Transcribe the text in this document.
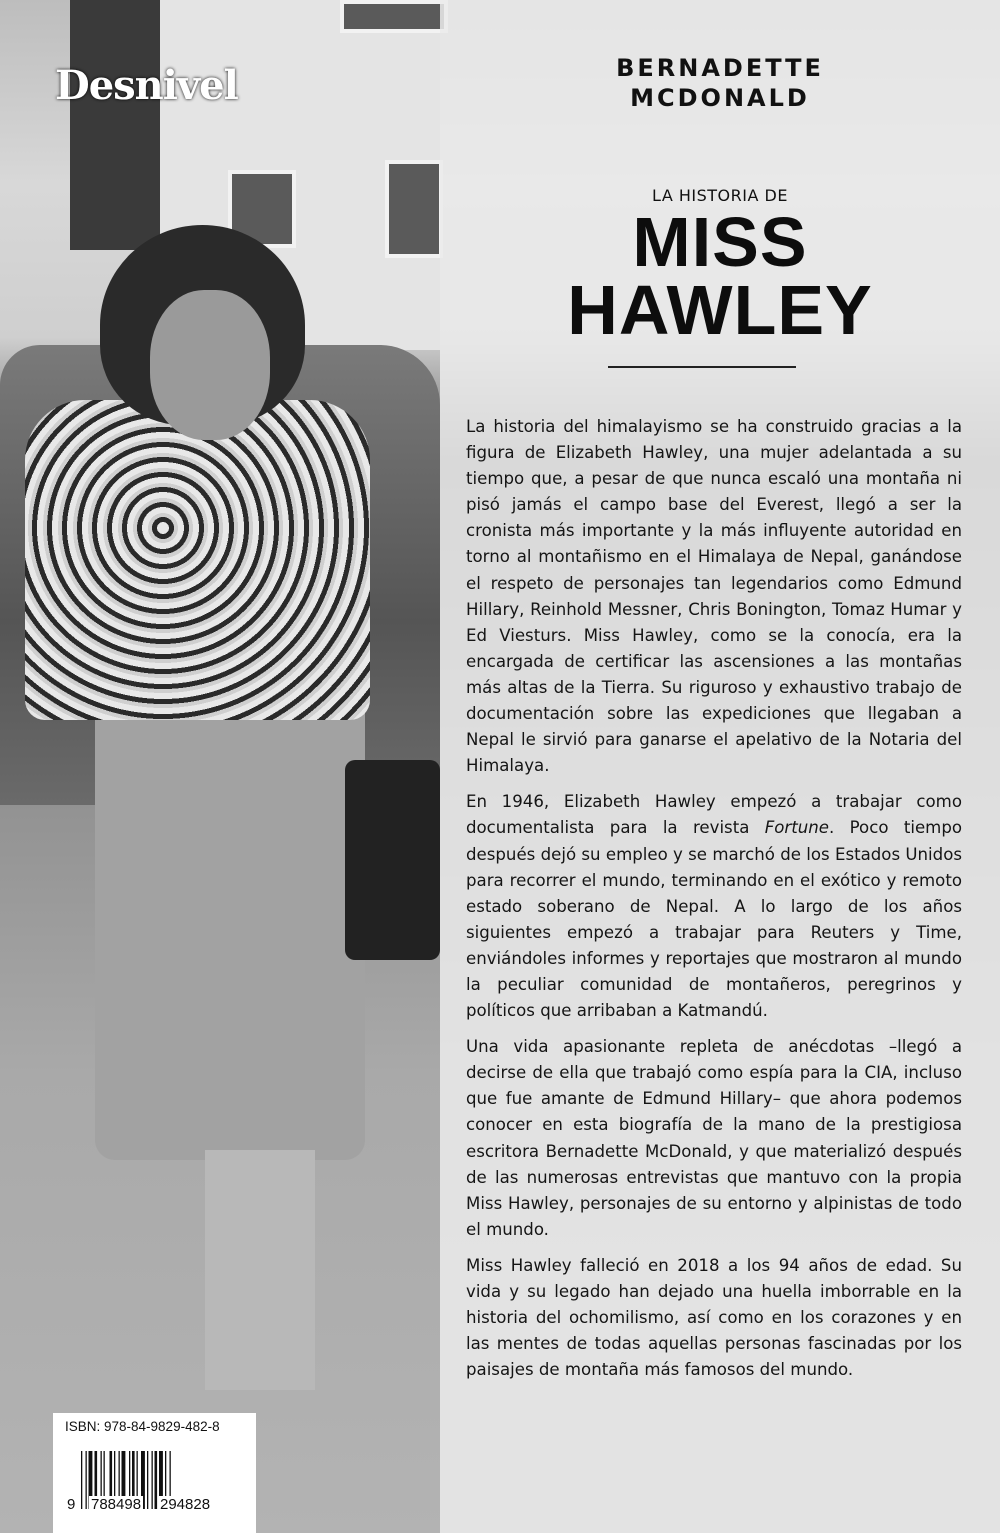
Desnivel	BERNADETTE
MCDONALD
LA HISTORIA DE
MISS
HAWLEY

La historia del himalayismo se ha construido gracias a la figura de Elizabeth Hawley, una mujer adelantada a su tiempo que, a pesar de que nunca escaló una montaña ni pisó jamás el campo base del Everest, llegó a ser la cronista más importante y la más influyente autoridad en torno al montañismo en el Himalaya de Nepal, ganándose el respeto de personajes tan legendarios como Edmund Hillary, Reinhold Messner, Chris Bonington, Tomaz Humar y Ed Viesturs. Miss Hawley, como se la conocía, era la encargada de certificar las ascensiones a las montañas más altas de la Tierra. Su riguroso y exhaustivo trabajo de documentación sobre las expediciones que llegaban a Nepal le sirvió para ganarse el apelativo de la Notaria del Himalaya.

En 1946, Elizabeth Hawley empezó a trabajar como documentalista para la revista Fortune. Poco tiempo después dejó su empleo y se marchó de los Estados Unidos para recorrer el mundo, terminando en el exótico y remoto estado soberano de Nepal. A lo largo de los años siguientes empezó a trabajar para Reuters y Time, enviándoles informes y reportajes que mostraron al mundo la peculiar comunidad de montañeros, peregrinos y políticos que arribaban a Katmandú.

Una vida apasionante repleta de anécdotas –llegó a decirse de ella que trabajó como espía para la CIA, incluso que fue amante de Edmund Hillary– que ahora podemos conocer en esta biografía de la mano de la prestigiosa escritora Bernadette McDonald, y que materializó después de las numerosas entrevistas que mantuvo con la propia Miss Hawley, personajes de su entorno y alpinistas de todo el mundo.

Miss Hawley falleció en 2018 a los 94 años de edad. Su vida y su legado han dejado una huella imborrable en la historia del ochomilismo, así como en los corazones y en las mentes de todas aquellas personas fascinadas por los paisajes de montaña más famosos del mundo.

ISBN: 978-84-9829-482-8
9 788498 294828
